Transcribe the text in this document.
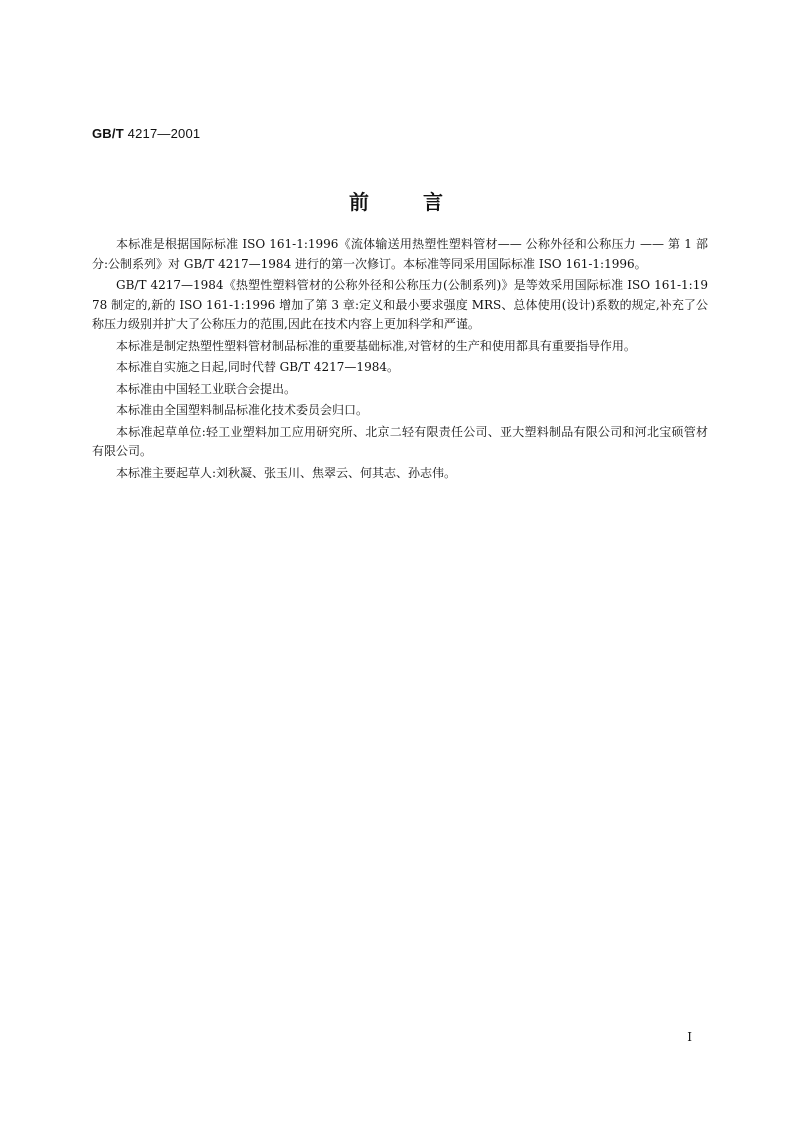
GB/T 4217—2001
前	言

本标准是根据国际标准 ISO 161-1:1996《流体输送用热塑性塑料管材—— 公称外径和公称压力 —— 第 1 部分:公制系列》对 GB/T 4217—1984 进行的第一次修订。本标准等同采用国际标准 ISO 161-1:1996。

GB/T 4217—1984《热塑性塑料管材的公称外径和公称压力(公制系列)》是等效采用国际标准 ISO 161-1:1978 制定的,新的 ISO 161-1:1996 增加了第 3 章:定义和最小要求强度 MRS、总体使用(设计)系数的规定,补充了公称压力级别并扩大了公称压力的范围,因此在技术内容上更加科学和严谨。

本标准是制定热塑性塑料管材制品标准的重要基础标准,对管材的生产和使用都具有重要指导作用。

本标准自实施之日起,同时代替 GB/T 4217—1984。

本标准由中国轻工业联合会提出。

本标准由全国塑料制品标准化技术委员会归口。

本标准起草单位:轻工业塑料加工应用研究所、北京二轻有限责任公司、亚大塑料制品有限公司和河北宝硕管材有限公司。

本标准主要起草人:刘秋凝、张玉川、焦翠云、何其志、孙志伟。

I
